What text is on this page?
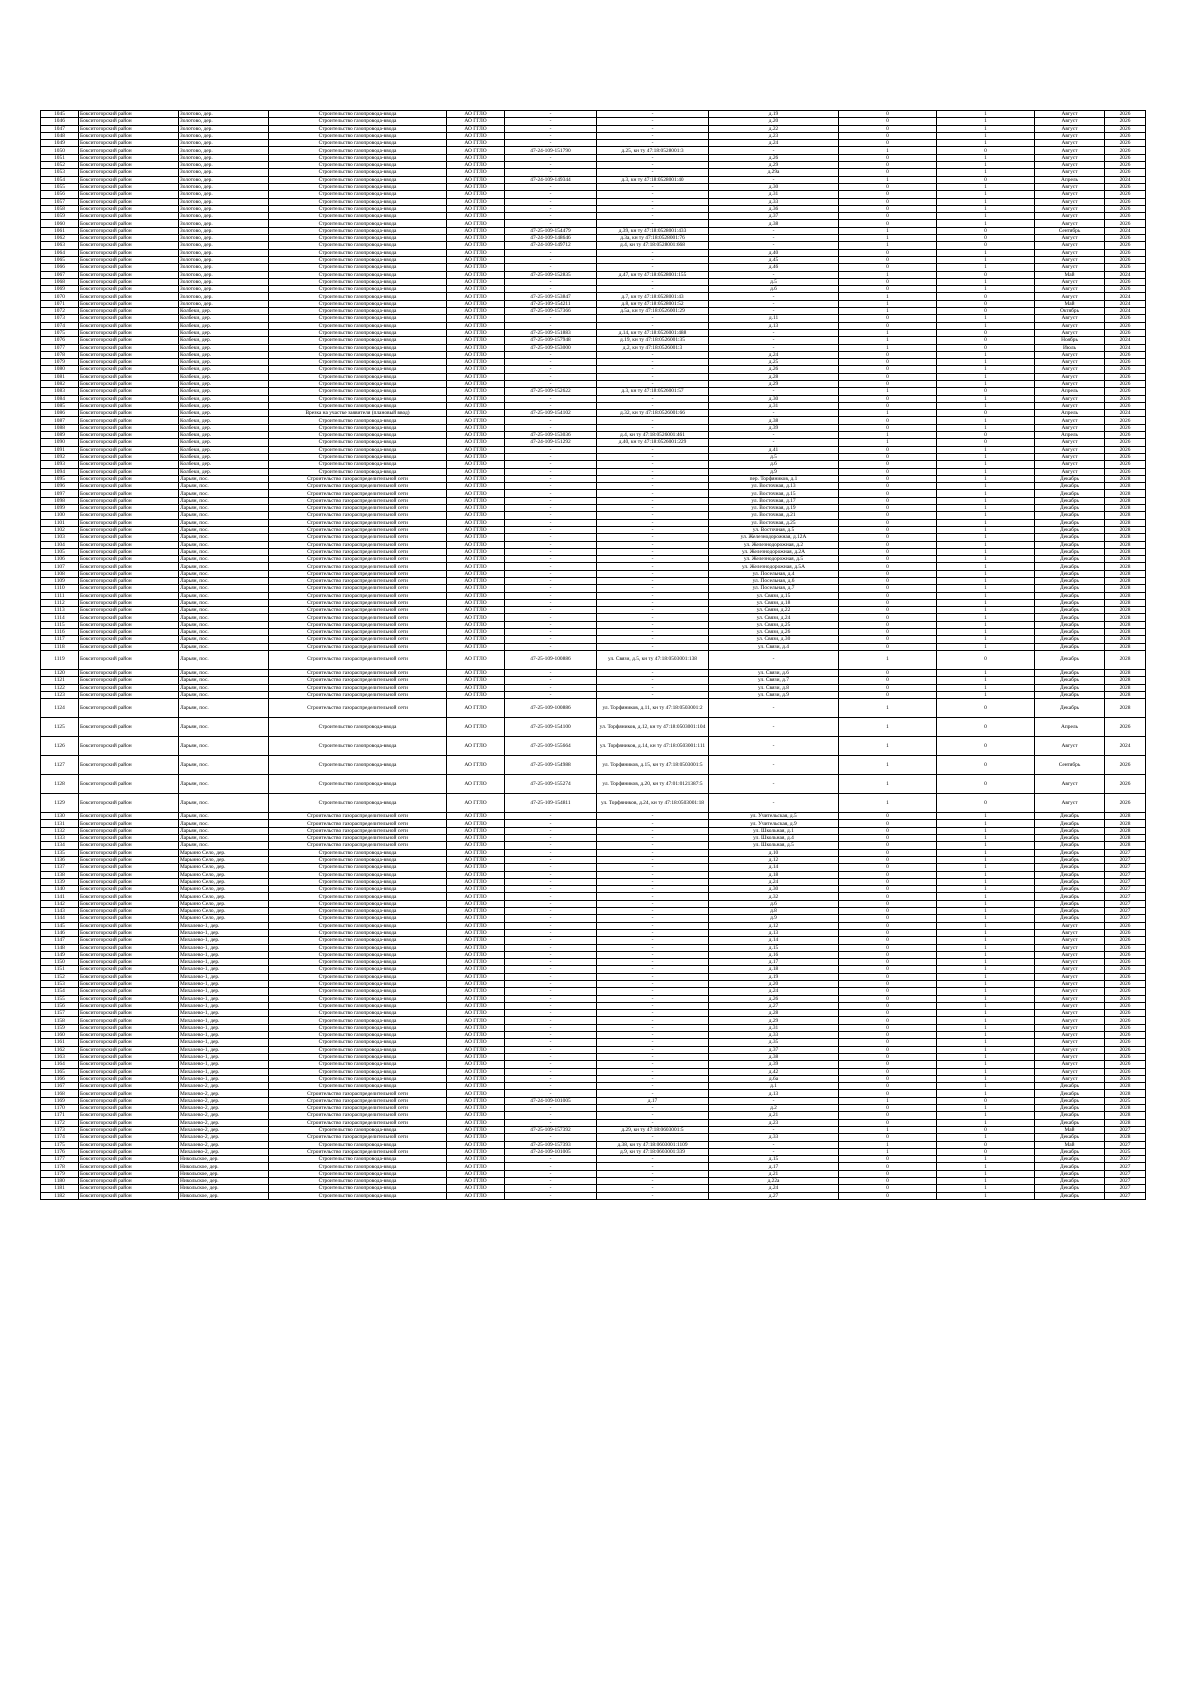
1045	Бокситогорский район	Золотово, дер.	Строительство газопровода-ввода	АО ГГЛО	-	-	д.19	0	1	Август	2026
1046	Бокситогорский район	Золотово, дер.	Строительство газопровода-ввода	АО ГГЛО	-	-	д.20	0	1	Август	2026
1047	Бокситогорский район	Золотово, дер.	Строительство газопровода-ввода	АО ГГЛО	-	-	д.22	0	1	Август	2026
1048	Бокситогорский район	Золотово, дер.	Строительство газопровода-ввода	АО ГГЛО	-	-	д.23	0	1	Август	2026
1049	Бокситогорский район	Золотово, дер.	Строительство газопровода-ввода	АО ГГЛО	-	-	д.24	0	1	Август	2026
1050	Бокситогорский район	Золотово, дер.	Строительство газопровода-ввода	АО ГГЛО	47-24-109-151790	д.25, кн ту 47:18:0528001:3	-	1	0	Август	2026
1051	Бокситогорский район	Золотово, дер.	Строительство газопровода-ввода	АО ГГЛО	-	-	д.26	0	1	Август	2026
1052	Бокситогорский район	Золотово, дер.	Строительство газопровода-ввода	АО ГГЛО	-	-	д.29	0	1	Август	2026
1053	Бокситогорский район	Золотово, дер.	Строительство газопровода-ввода	АО ГГЛО	-	-	д.29а	0	1	Август	2026
1054	Бокситогорский район	Золотово, дер.	Строительство газопровода-ввода	АО ГГЛО	47-24-109-149344	д.3, кн ту 47:18:0528001:40	-	1	0	Апрель	2024
1055	Бокситогорский район	Золотово, дер.	Строительство газопровода-ввода	АО ГГЛО	-	-	д.30	0	1	Август	2026
1056	Бокситогорский район	Золотово, дер.	Строительство газопровода-ввода	АО ГГЛО	-	-	д.31	0	1	Август	2026
1057	Бокситогорский район	Золотово, дер.	Строительство газопровода-ввода	АО ГГЛО	-	-	д.33	0	1	Август	2026
1058	Бокситогорский район	Золотово, дер.	Строительство газопровода-ввода	АО ГГЛО	-	-	д.36	0	1	Август	2026
1059	Бокситогорский район	Золотово, дер.	Строительство газопровода-ввода	АО ГГЛО	-	-	д.37	0	1	Август	2026
1060	Бокситогорский район	Золотово, дер.	Строительство газопровода-ввода	АО ГГЛО	-	-	д.38	0	1	Август	2026
1061	Бокситогорский район	Золотово, дер.	Строительство газопровода-ввода	АО ГГЛО	47-25-109-154479	д.39, кн ту 47:18:0528001:433	-	1	0	Сентябрь	2024
1062	Бокситогорский район	Золотово, дер.	Строительство газопровода-ввода	АО ГГЛО	47-24-109-148646	д.3а, кн ту 47:18:0528001:76	-	1	0	Август	2026
1063	Бокситогорский район	Золотово, дер.	Строительство газопровода-ввода	АО ГГЛО	47-24-109-149712	д.4, кн ту 47:18:0528001:668	-	1	0	Август	2026
1064	Бокситогорский район	Золотово, дер.	Строительство газопровода-ввода	АО ГГЛО	-	-	д.40	0	1	Август	2026
1065	Бокситогорский район	Золотово, дер.	Строительство газопровода-ввода	АО ГГЛО	-	-	д.45	0	1	Август	2026
1066	Бокситогорский район	Золотово, дер.	Строительство газопровода-ввода	АО ГГЛО	-	-	д.46	0	1	Август	2026
1067	Бокситогорский район	Золотово, дер.	Строительство газопровода-ввода	АО ГГЛО	47-25-109-152835	д.47, кн ту 47:18:0528001:155	-	1	0	Май	2024
1068	Бокситогорский район	Золотово, дер.	Строительство газопровода-ввода	АО ГГЛО	-	-	д.5	0	1	Август	2026
1069	Бокситогорский район	Золотово, дер.	Строительство газопровода-ввода	АО ГГЛО	-	-	д.6	0	1	Август	2026
1070	Бокситогорский район	Золотово, дер.	Строительство газопровода-ввода	АО ГГЛО	47-25-109-153847	д.7, кн ту 47:18:0528001:43	-	1	0	Август	2024
1071	Бокситогорский район	Золотово, дер.	Строительство газопровода-ввода	АО ГГЛО	47-25-109-154211	д.8, кн ту 47:18:0528001:52	-	1	0	Май	2024
1072	Бокситогорский район	Колбеки, дер.	Строительство газопровода-ввода	АО ГГЛО	47-25-109-157366	д.5а, кн ту 47:18:0526001:29	-	1	0	Октябрь	2024
1073	Бокситогорский район	Колбеки, дер.	Строительство газопровода-ввода	АО ГГЛО	-	-	д.11	0	1	Август	2026
1074	Бокситогорский район	Колбеки, дер.	Строительство газопровода-ввода	АО ГГЛО	-	-	д.13	0	1	Август	2026
1075	Бокситогорский район	Колбеки, дер.	Строительство газопровода-ввода	АО ГГЛО	47-25-109-151883	д.14, кн ту 47:18:0526001:488	-	1	0	Август	2026
1076	Бокситогорский район	Колбеки, дер.	Строительство газопровода-ввода	АО ГГЛО	47-25-109-157948	д.19, кн ту 47:18:0526001:35	-	1	0	Ноябрь	2024
1077	Бокситогорский район	Колбеки, дер.	Строительство газопровода-ввода	АО ГГЛО	47-25-109-153000	д.2, кн ту 47:18:0526001:3	-	1	0	Июль	2024
1078	Бокситогорский район	Колбеки, дер.	Строительство газопровода-ввода	АО ГГЛО	-	-	д.24	0	1	Август	2026
1079	Бокситогорский район	Колбеки, дер.	Строительство газопровода-ввода	АО ГГЛО	-	-	д.25	0	1	Август	2026
1080	Бокситогорский район	Колбеки, дер.	Строительство газопровода-ввода	АО ГГЛО	-	-	д.26	0	1	Август	2026
1081	Бокситогорский район	Колбеки, дер.	Строительство газопровода-ввода	АО ГГЛО	-	-	д.28	0	1	Август	2026
1082	Бокситогорский район	Колбеки, дер.	Строительство газопровода-ввода	АО ГГЛО	-	-	д.29	0	1	Август	2026
1083	Бокситогорский район	Колбеки, дер.	Строительство газопровода-ввода	АО ГГЛО	47-25-109-152622	д.3, кн ту 47:18:0526001:57	-	1	0	Апрель	2026
1084	Бокситогорский район	Колбеки, дер.	Строительство газопровода-ввода	АО ГГЛО	-	-	д.30	0	1	Август	2026
1085	Бокситогорский район	Колбеки, дер.	Строительство газопровода-ввода	АО ГГЛО	-	-	д.31	0	1	Август	2026
1086	Бокситогорский район	Колбеки, дер.	Врезка на участке заявителя (плановый ввод)	АО ГГЛО	47-25-109-154102	д.32, кн ту 47:18:0526001:66	-	1	0	Апрель	2024
1087	Бокситогорский район	Колбеки, дер.	Строительство газопровода-ввода	АО ГГЛО	-	-	д.38	0	1	Август	2026
1088	Бокситогорский район	Колбеки, дер.	Строительство газопровода-ввода	АО ГГЛО	-	-	д.39	0	1	Август	2026
1089	Бокситогорский район	Колбеки, дер.	Строительство газопровода-ввода	АО ГГЛО	47-25-109-153036	д.4, кн ту 47:18:0526001:461	-	1	0	Апрель	2026
1090	Бокситогорский район	Колбеки, дер.	Строительство газопровода-ввода	АО ГГЛО	47-24-109-151292	д.40, кн ту 47:18:0526001:229	-	1	0	Август	2026
1091	Бокситогорский район	Колбеки, дер.	Строительство газопровода-ввода	АО ГГЛО	-	-	д.41	0	1	Август	2026
1092	Бокситогорский район	Колбеки, дер.	Строительство газопровода-ввода	АО ГГЛО	-	-	д.5	0	1	Август	2026
1093	Бокситогорский район	Колбеки, дер.	Строительство газопровода-ввода	АО ГГЛО	-	-	д.6	0	1	Август	2026
1094	Бокситогорский район	Колбеки, дер.	Строительство газопровода-ввода	АО ГГЛО	-	-	д.9	0	1	Август	2026
1095	Бокситогорский район	Ларьян, пос.	Строительство газораспределительной сети	АО ГГЛО	-	-	пер. Торфяников, д.1	0	1	Декабрь	2028
1096	Бокситогорский район	Ларьян, пос.	Строительство газораспределительной сети	АО ГГЛО	-	-	ул. Восточная, д.13	0	1	Декабрь	2028
1097	Бокситогорский район	Ларьян, пос.	Строительство газораспределительной сети	АО ГГЛО	-	-	ул. Восточная, д.15	0	1	Декабрь	2028
1098	Бокситогорский район	Ларьян, пос.	Строительство газораспределительной сети	АО ГГЛО	-	-	ул. Восточная, д.17	0	1	Декабрь	2028
1099	Бокситогорский район	Ларьян, пос.	Строительство газораспределительной сети	АО ГГЛО	-	-	ул. Восточная, д.19	0	1	Декабрь	2028
1100	Бокситогорский район	Ларьян, пос.	Строительство газораспределительной сети	АО ГГЛО	-	-	ул. Восточная, д.21	0	1	Декабрь	2028
1101	Бокситогорский район	Ларьян, пос.	Строительство газораспределительной сети	АО ГГЛО	-	-	ул. Восточная, д.25	0	1	Декабрь	2028
1102	Бокситогорский район	Ларьян, пос.	Строительство газораспределительной сети	АО ГГЛО	-	-	ул. Восточная, д.5	0	1	Декабрь	2028
1103	Бокситогорский район	Ларьян, пос.	Строительство газораспределительной сети	АО ГГЛО	-	-	ул. Железнодорожная, д.12А	0	1	Декабрь	2028
1104	Бокситогорский район	Ларьян, пос.	Строительство газораспределительной сети	АО ГГЛО	-	-	ул. Железнодорожная, д.2	0	1	Декабрь	2028
1105	Бокситогорский район	Ларьян, пос.	Строительство газораспределительной сети	АО ГГЛО	-	-	ул. Железнодорожная, д.2А	0	1	Декабрь	2028
1106	Бокситогорский район	Ларьян, пос.	Строительство газораспределительной сети	АО ГГЛО	-	-	ул. Железнодорожная, д.5	0	1	Декабрь	2028
1107	Бокситогорский район	Ларьян, пос.	Строительство газораспределительной сети	АО ГГЛО	-	-	ул. Железнодорожная, д.5А	0	1	Декабрь	2028
1108	Бокситогорский район	Ларьян, пос.	Строительство газораспределительной сети	АО ГГЛО	-	-	ул. Посельная, д.4	0	1	Декабрь	2028
1109	Бокситогорский район	Ларьян, пос.	Строительство газораспределительной сети	АО ГГЛО	-	-	ул. Посельная, д.6	0	1	Декабрь	2028
1110	Бокситогорский район	Ларьян, пос.	Строительство газораспределительной сети	АО ГГЛО	-	-	ул. Посельная, д.7	0	1	Декабрь	2028
1111	Бокситогорский район	Ларьян, пос.	Строительство газораспределительной сети	АО ГГЛО	-	-	ул. Связи, д.15	0	1	Декабрь	2028
1112	Бокситогорский район	Ларьян, пос.	Строительство газораспределительной сети	АО ГГЛО	-	-	ул. Связи, д.18	0	1	Декабрь	2028
1113	Бокситогорский район	Ларьян, пос.	Строительство газораспределительной сети	АО ГГЛО	-	-	ул. Связи, д.22	0	1	Декабрь	2028
1114	Бокситогорский район	Ларьян, пос.	Строительство газораспределительной сети	АО ГГЛО	-	-	ул. Связи, д.24	0	1	Декабрь	2028
1115	Бокситогорский район	Ларьян, пос.	Строительство газораспределительной сети	АО ГГЛО	-	-	ул. Связи, д.25	0	1	Декабрь	2028
1116	Бокситогорский район	Ларьян, пос.	Строительство газораспределительной сети	АО ГГЛО	-	-	ул. Связи, д.26	0	1	Декабрь	2028
1117	Бокситогорский район	Ларьян, пос.	Строительство газораспределительной сети	АО ГГЛО	-	-	ул. Связи, д.30	0	1	Декабрь	2028
1118	Бокситогорский район	Ларьян, пос.	Строительство газораспределительной сети	АО ГГЛО	-	-	ул. Связи, д.4	0	1	Декабрь	2028
1119	Бокситогорский район	Ларьян, пос.	Строительство газораспределительной сети	АО ГГЛО	47-25-109-100886	ул. Связи, д.5, кн ту 47:18:0503001:138	-	1	0	Декабрь	2028
1120	Бокситогорский район	Ларьян, пос.	Строительство газораспределительной сети	АО ГГЛО	-	-	ул. Связи, д.6	0	1	Декабрь	2028
1121	Бокситогорский район	Ларьян, пос.	Строительство газораспределительной сети	АО ГГЛО	-	-	ул. Связи, д.7	0	1	Декабрь	2028
1122	Бокситогорский район	Ларьян, пос.	Строительство газораспределительной сети	АО ГГЛО	-	-	ул. Связи, д.8	0	1	Декабрь	2028
1123	Бокситогорский район	Ларьян, пос.	Строительство газораспределительной сети	АО ГГЛО	-	-	ул. Связи, д.9	0	1	Декабрь	2028
1124	Бокситогорский район	Ларьян, пос.	Строительство газораспределительной сети	АО ГГЛО	47-25-109-100886	ул. Торфяников, д.11, кн ту 47:18:0503001:2	-	1	0	Декабрь	2028
1125	Бокситогорский район	Ларьян, пос.	Строительство газопровода-ввода	АО ГГЛО	47-25-109-154100	ул. Торфяников, д.12, кн ту 47:18:0503001:104	-	1	0	Апрель	2026
1126	Бокситогорский район	Ларьян, пос.	Строительство газопровода-ввода	АО ГГЛО	47-25-109-155664	ул. Торфяников, д.14, кн ту 47:18:0503001:111	-	1	0	Август	2024
1127	Бокситогорский район	Ларьян, пос.	Строительство газопровода-ввода	АО ГГЛО	47-25-109-154988	ул. Торфяников, д.15, кн ту 47:18:0503001:5	-	1	0	Сентябрь	2026
1128	Бокситогорский район	Ларьян, пос.	Строительство газопровода-ввода	АО ГГЛО	47-25-109-155274	ул. Торфяников, д.20, кн ту 47:01:0121387:5	-	1	0	Август	2026
1129	Бокситогорский район	Ларьян, пос.	Строительство газопровода-ввода	АО ГГЛО	47-25-109-154811	ул. Торфяников, д.24, кн ту 47:18:0503001:18	-	1	0	Август	2026
1130	Бокситогорский район	Ларьян, пос.	Строительство газораспределительной сети	АО ГГЛО	-	-	ул. Учительская, д.5	0	1	Декабрь	2028
1131	Бокситогорский район	Ларьян, пос.	Строительство газораспределительной сети	АО ГГЛО	-	-	ул. Учительская, д.9	0	1	Декабрь	2028
1132	Бокситогорский район	Ларьян, пос.	Строительство газораспределительной сети	АО ГГЛО	-	-	ул. Школьная, д.1	0	1	Декабрь	2028
1133	Бокситогорский район	Ларьян, пос.	Строительство газораспределительной сети	АО ГГЛО	-	-	ул. Школьная, д.4	0	1	Декабрь	2028
1134	Бокситогорский район	Ларьян, пос.	Строительство газораспределительной сети	АО ГГЛО	-	-	ул. Школьная, д.5	0	1	Декабрь	2028
1135	Бокситогорский район	Марьино Село, дер.	Строительство газопровода-ввода	АО ГГЛО	-	-	д.10	0	1	Декабрь	2027
1136	Бокситогорский район	Марьино Село, дер.	Строительство газопровода-ввода	АО ГГЛО	-	-	д.12	0	1	Декабрь	2027
1137	Бокситогорский район	Марьино Село, дер.	Строительство газопровода-ввода	АО ГГЛО	-	-	д.14	0	1	Декабрь	2027
1138	Бокситогорский район	Марьино Село, дер.	Строительство газопровода-ввода	АО ГГЛО	-	-	д.18	0	1	Декабрь	2027
1139	Бокситогорский район	Марьино Село, дер.	Строительство газопровода-ввода	АО ГГЛО	-	-	д.24	0	1	Декабрь	2027
1140	Бокситогорский район	Марьино Село, дер.	Строительство газопровода-ввода	АО ГГЛО	-	-	д.30	0	1	Декабрь	2027
1141	Бокситогорский район	Марьино Село, дер.	Строительство газопровода-ввода	АО ГГЛО	-	-	д.32	0	1	Декабрь	2027
1142	Бокситогорский район	Марьино Село, дер.	Строительство газопровода-ввода	АО ГГЛО	-	-	д.6	0	1	Декабрь	2027
1143	Бокситогорский район	Марьино Село, дер.	Строительство газопровода-ввода	АО ГГЛО	-	-	д.8	0	1	Декабрь	2027
1144	Бокситогорский район	Марьино Село, дер.	Строительство газопровода-ввода	АО ГГЛО	-	-	д.9	0	1	Декабрь	2027
1145	Бокситогорский район	Михалево-1, дер.	Строительство газопровода-ввода	АО ГГЛО	-	-	д.12	0	1	Август	2026
1146	Бокситогорский район	Михалево-1, дер.	Строительство газопровода-ввода	АО ГГЛО	-	-	д.13	0	1	Август	2026
1147	Бокситогорский район	Михалево-1, дер.	Строительство газопровода-ввода	АО ГГЛО	-	-	д.14	0	1	Август	2026
1148	Бокситогорский район	Михалево-1, дер.	Строительство газопровода-ввода	АО ГГЛО	-	-	д.15	0	1	Август	2026
1149	Бокситогорский район	Михалево-1, дер.	Строительство газопровода-ввода	АО ГГЛО	-	-	д.16	0	1	Август	2026
1150	Бокситогорский район	Михалево-1, дер.	Строительство газопровода-ввода	АО ГГЛО	-	-	д.17	0	1	Август	2026
1151	Бокситогорский район	Михалево-1, дер.	Строительство газопровода-ввода	АО ГГЛО	-	-	д.18	0	1	Август	2026
1152	Бокситогорский район	Михалево-1, дер.	Строительство газопровода-ввода	АО ГГЛО	-	-	д.19	0	1	Август	2026
1153	Бокситогорский район	Михалево-1, дер.	Строительство газопровода-ввода	АО ГГЛО	-	-	д.20	0	1	Август	2026
1154	Бокситогорский район	Михалево-1, дер.	Строительство газопровода-ввода	АО ГГЛО	-	-	д.24	0	1	Август	2026
1155	Бокситогорский район	Михалево-1, дер.	Строительство газопровода-ввода	АО ГГЛО	-	-	д.26	0	1	Август	2026
1156	Бокситогорский район	Михалево-1, дер.	Строительство газопровода-ввода	АО ГГЛО	-	-	д.27	0	1	Август	2026
1157	Бокситогорский район	Михалево-1, дер.	Строительство газопровода-ввода	АО ГГЛО	-	-	д.28	0	1	Август	2026
1158	Бокситогорский район	Михалево-1, дер.	Строительство газопровода-ввода	АО ГГЛО	-	-	д.29	0	1	Август	2026
1159	Бокситогорский район	Михалево-1, дер.	Строительство газопровода-ввода	АО ГГЛО	-	-	д.31	0	1	Август	2026
1160	Бокситогорский район	Михалево-1, дер.	Строительство газопровода-ввода	АО ГГЛО	-	-	д.33	0	1	Август	2026
1161	Бокситогорский район	Михалево-1, дер.	Строительство газопровода-ввода	АО ГГЛО	-	-	д.35	0	1	Август	2026
1162	Бокситогорский район	Михалево-1, дер.	Строительство газопровода-ввода	АО ГГЛО	-	-	д.37	0	1	Август	2026
1163	Бокситогорский район	Михалево-1, дер.	Строительство газопровода-ввода	АО ГГЛО	-	-	д.38	0	1	Август	2026
1164	Бокситогорский район	Михалево-1, дер.	Строительство газопровода-ввода	АО ГГЛО	-	-	д.39	0	1	Август	2026
1165	Бокситогорский район	Михалево-1, дер.	Строительство газопровода-ввода	АО ГГЛО	-	-	д.42	0	1	Август	2026
1166	Бокситогорский район	Михалево-1, дер.	Строительство газопровода-ввода	АО ГГЛО	-	-	д.6а	0	1	Август	2026
1167	Бокситогорский район	Михалево-2, дер.	Строительство газопровода-ввода	АО ГГЛО	-	-	д.1	0	1	Декабрь	2028
1168	Бокситогорский район	Михалево-2, дер.	Строительство газораспределительной сети	АО ГГЛО	-	-	д.13	0	1	Декабрь	2028
1169	Бокситогорский район	Михалево-2, дер.	Строительство газораспределительной сети	АО ГГЛО	47-24-109-101005	д.17	-	1	0	Декабрь	2025
1170	Бокситогорский район	Михалево-2, дер.	Строительство газораспределительной сети	АО ГГЛО	-	-	д.2	0	1	Декабрь	2028
1171	Бокситогорский район	Михалево-2, дер.	Строительство газораспределительной сети	АО ГГЛО	-	-	д.21	0	1	Декабрь	2028
1172	Бокситогорский район	Михалево-2, дер.	Строительство газораспределительной сети	АО ГГЛО	-	-	д.23	0	1	Декабрь	2028
1173	Бокситогорский район	Михалево-2, дер.	Строительство газопровода-ввода	АО ГГЛО	47-25-109-157392	д.29, кн ту 47:18:0603001:5	-	1	0	Май	2027
1174	Бокситогорский район	Михалево-2, дер.	Строительство газораспределительной сети	АО ГГЛО	-	-	д.33	0	1	Декабрь	2028
1175	Бокситогорский район	Михалево-2, дер.	Строительство газопровода-ввода	АО ГГЛО	47-25-109-157393	д.38, кн ту 47:18:0603001:1109	-	1	0	Май	2027
1176	Бокситогорский район	Михалево-2, дер.	Строительство газораспределительной сети	АО ГГЛО	47-24-109-101005	д.9, кн ту 47:18:0603001:339	-	1	0	Декабрь	2025
1177	Бокситогорский район	Никольское, дер.	Строительство газопровода-ввода	АО ГГЛО	-	-	д.15	0	1	Декабрь	2027
1178	Бокситогорский район	Никольское, дер.	Строительство газопровода-ввода	АО ГГЛО	-	-	д.17	0	1	Декабрь	2027
1179	Бокситогорский район	Никольское, дер.	Строительство газопровода-ввода	АО ГГЛО	-	-	д.21	0	1	Декабрь	2027
1180	Бокситогорский район	Никольское, дер.	Строительство газопровода-ввода	АО ГГЛО	-	-	д.22а	0	1	Декабрь	2027
1181	Бокситогорский район	Никольское, дер.	Строительство газопровода-ввода	АО ГГЛО	-	-	д.24	0	1	Декабрь	2027
1182	Бокситогорский район	Никольское, дер.	Строительство газопровода-ввода	АО ГГЛО	-	-	д.27	0	1	Декабрь	2027
